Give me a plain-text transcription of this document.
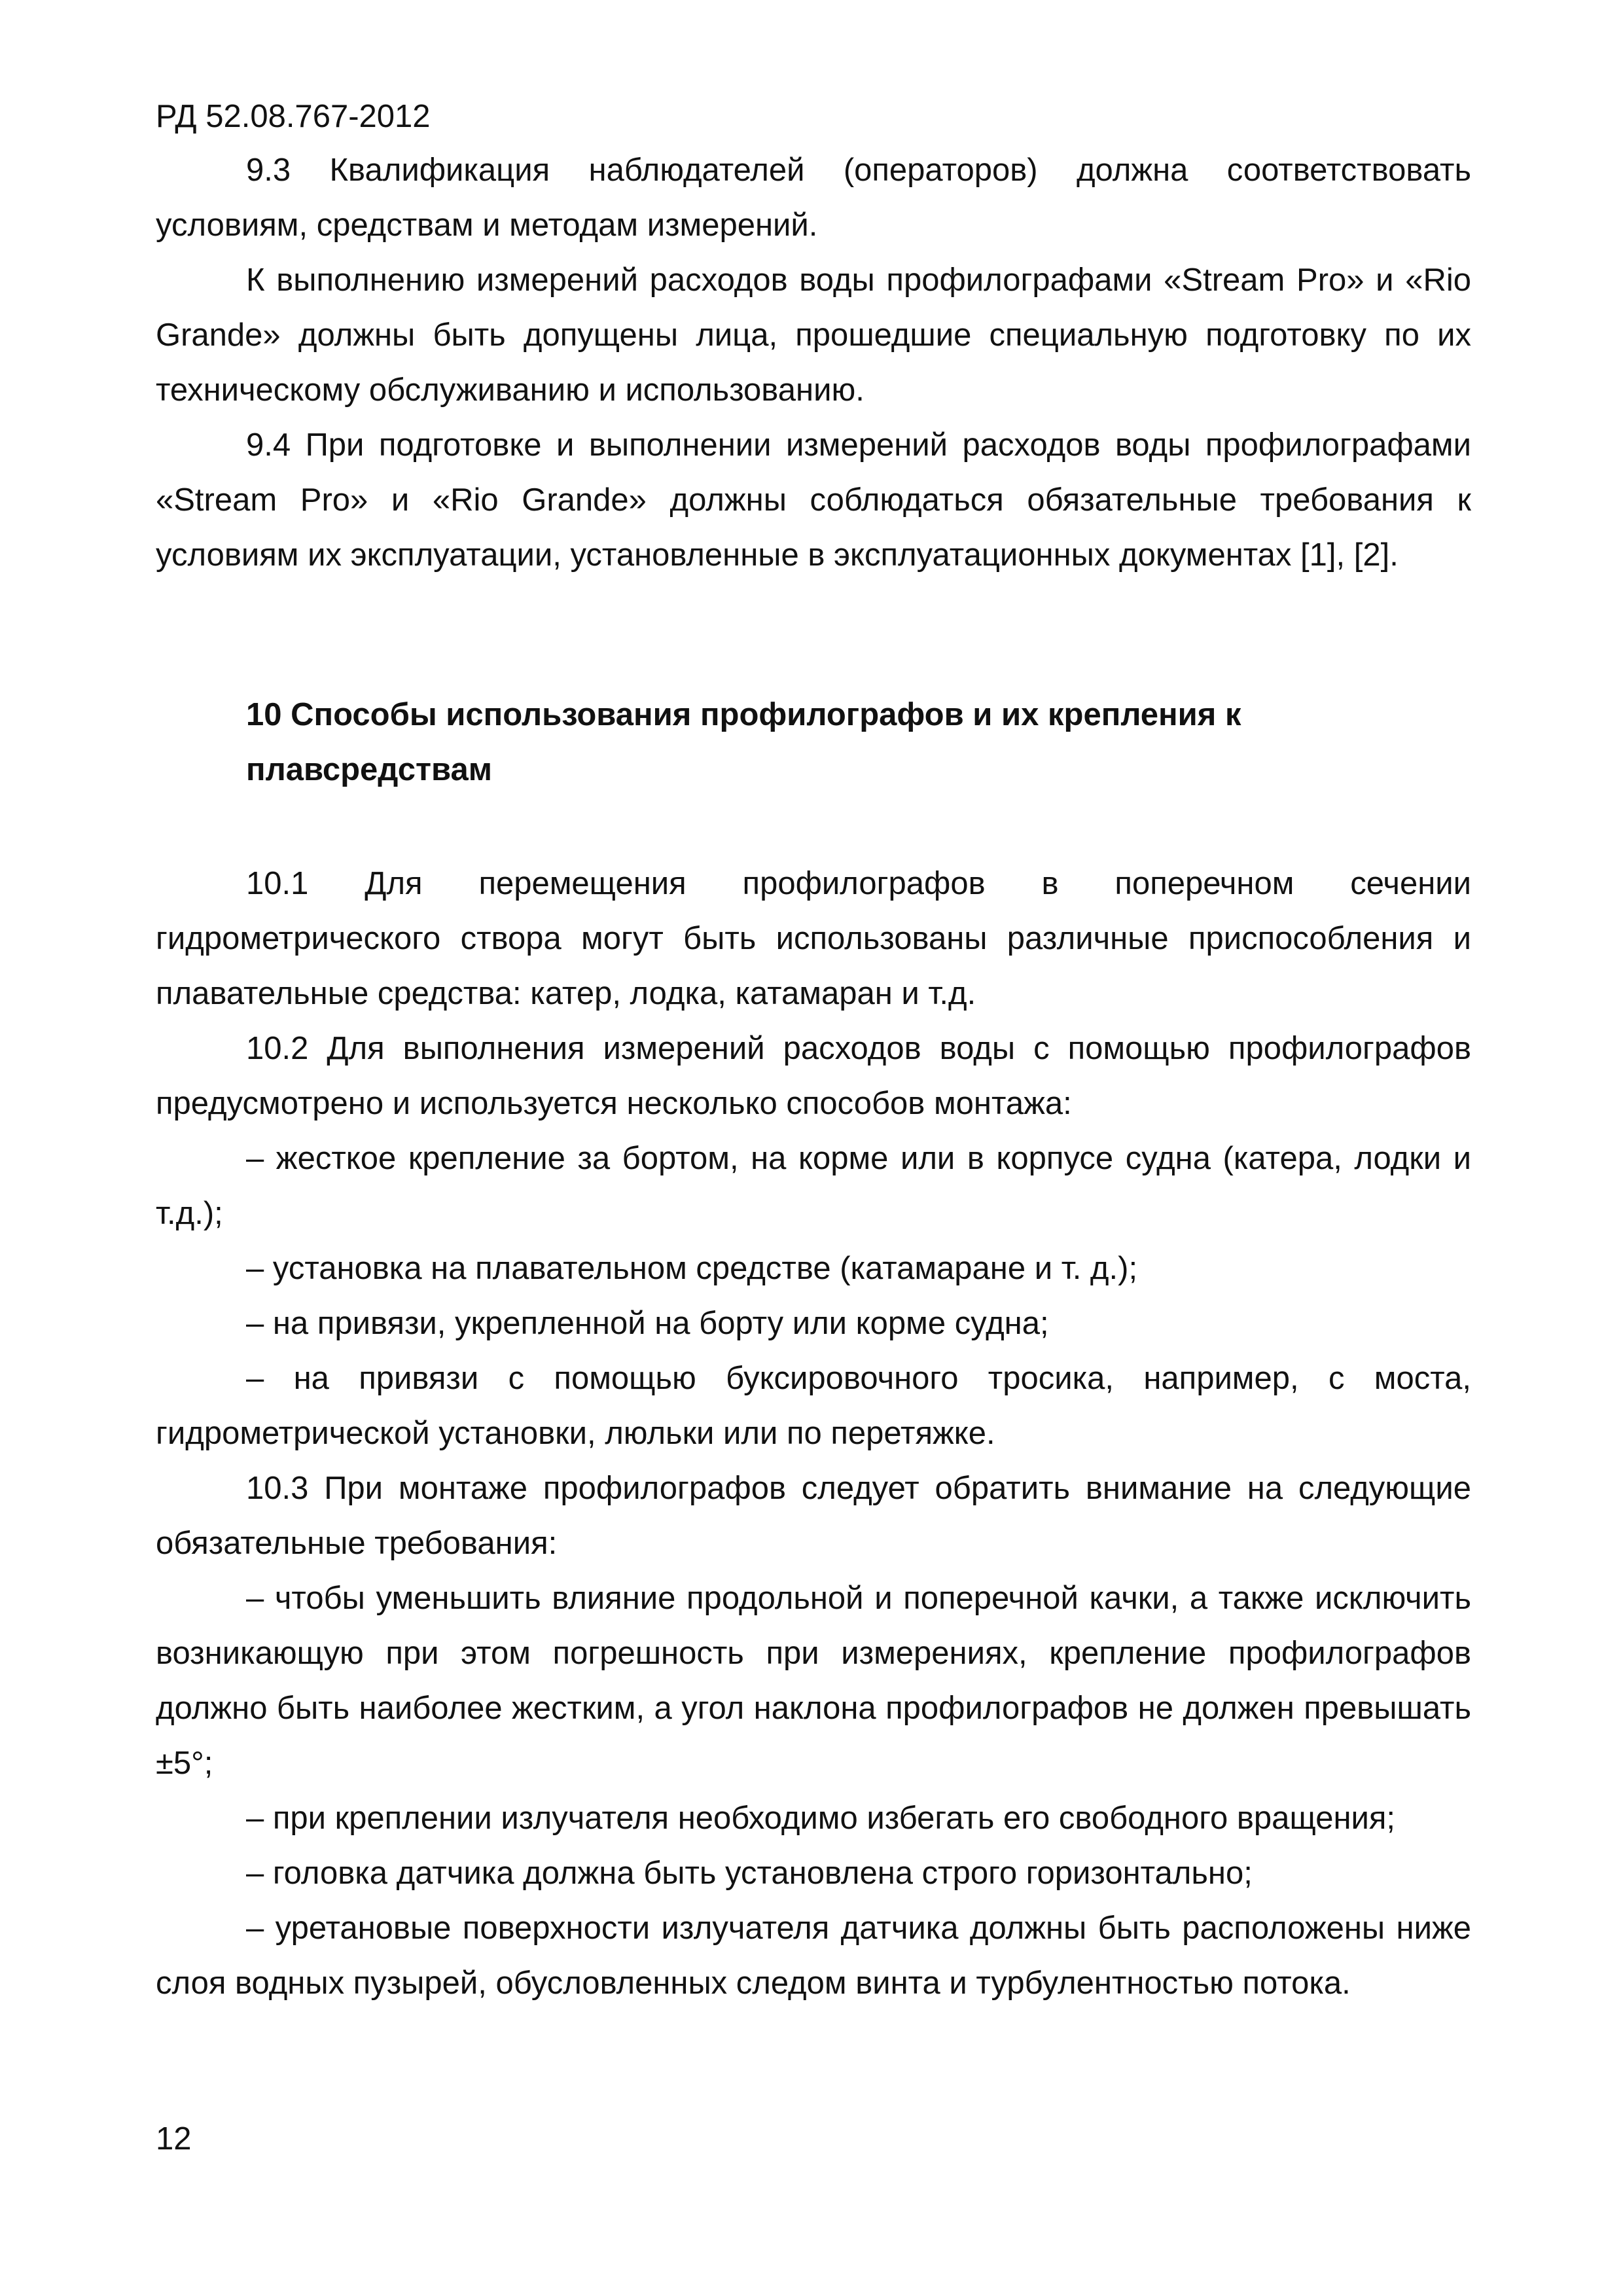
РД 52.08.767-2012

9.3 Квалификация наблюдателей (операторов) должна соответствовать условиям, средствам и методам измерений.

К выполнению измерений расходов воды профилографами «Stream Pro» и «Rio Grande» должны быть допущены лица, прошедшие специальную подготовку по их техническому обслуживанию и использованию.

9.4 При подготовке и выполнении измерений расходов воды профилографами «Stream Pro» и «Rio Grande» должны соблюдаться обязательные требования к условиям их эксплуатации, установленные в эксплуатационных документах [1], [2].

10 Способы использования профилографов и их крепления к плавсредствам

10.1 Для перемещения профилографов в поперечном сечении гидрометрического створа могут быть использованы различные приспособления и плавательные средства: катер, лодка, катамаран и т.д.

10.2 Для выполнения измерений расходов воды с помощью профилографов предусмотрено и используется несколько способов монтажа:

– жесткое крепление за бортом, на корме или в корпусе судна (катера, лодки и т.д.);

– установка на плавательном средстве (катамаране и т. д.);

– на привязи, укрепленной на борту или корме судна;

– на привязи с помощью буксировочного тросика, например, с моста, гидрометрической установки, люльки или по перетяжке.

10.3 При монтаже профилографов следует обратить внимание на следующие обязательные требования:

– чтобы уменьшить влияние продольной и поперечной качки, а также исключить возникающую при этом погрешность при измерениях, крепление профилографов должно быть наиболее жестким, а угол наклона профилографов не должен превышать ±5°;

– при креплении излучателя необходимо избегать его свободного вращения;

– головка датчика должна быть установлена строго горизонтально;

– уретановые поверхности излучателя датчика должны быть расположены ниже слоя водных пузырей, обусловленных следом винта и турбулентностью потока.

12
